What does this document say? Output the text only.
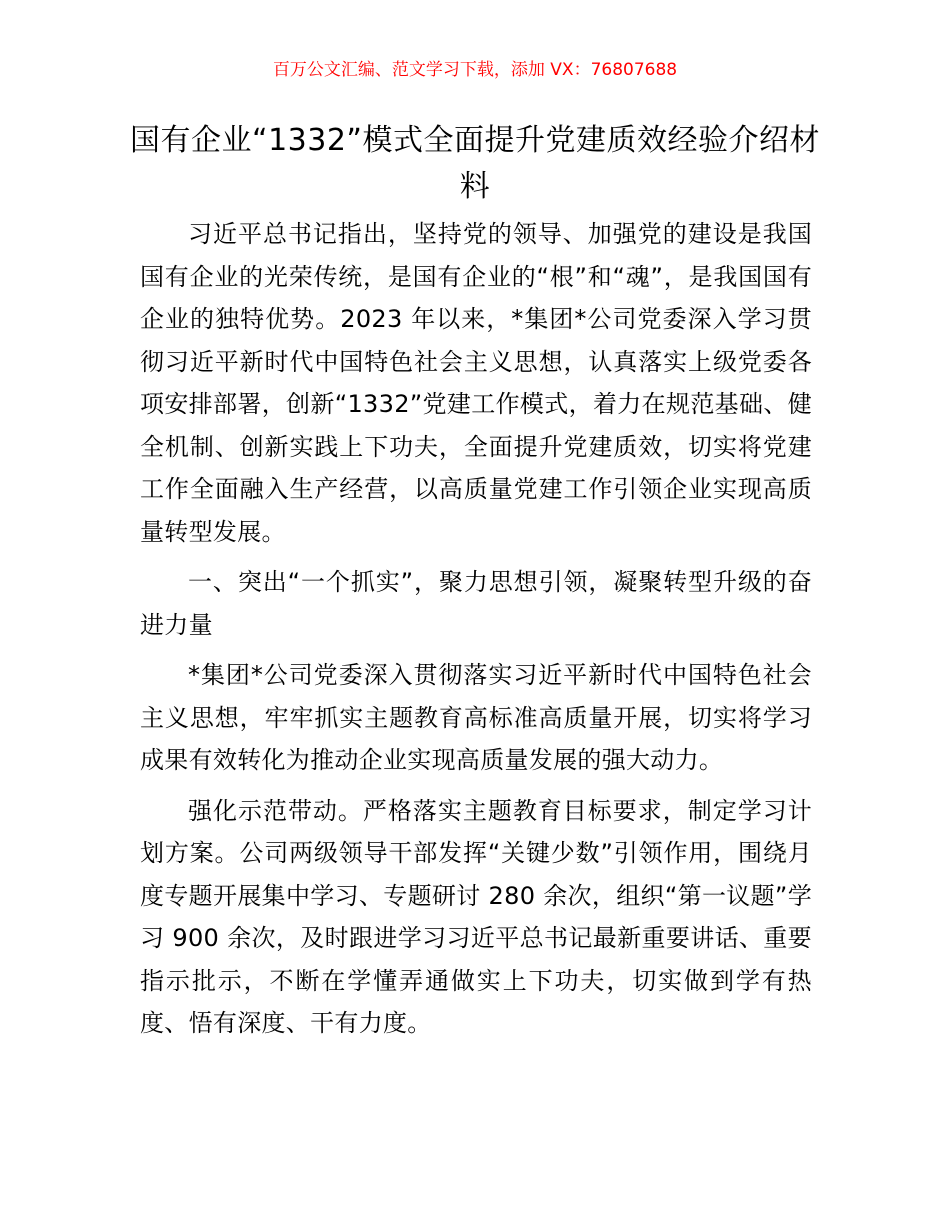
百万公文汇编、范文学习下载，添加 VX：76807688
国有企业“1332”模式全面提升党建质效经验介绍材料

习近平总书记指出，坚持党的领导、加强党的建设是我国国有企业的光荣传统，是国有企业的“根”和“魂”，是我国国有企业的独特优势。2023 年以来，*集团*公司党委深入学习贯彻习近平新时代中国特色社会主义思想，认真落实上级党委各项安排部署，创新“1332”党建工作模式，着力在规范基础、健全机制、创新实践上下功夫，全面提升党建质效，切实将党建工作全面融入生产经营，以高质量党建工作引领企业实现高质量转型发展。

一、突出“一个抓实”，聚力思想引领，凝聚转型升级的奋进力量

*集团*公司党委深入贯彻落实习近平新时代中国特色社会主义思想，牢牢抓实主题教育高标准高质量开展，切实将学习成果有效转化为推动企业实现高质量发展的强大动力。

强化示范带动。严格落实主题教育目标要求，制定学习计划方案。公司两级领导干部发挥“关键少数”引领作用，围绕月度专题开展集中学习、专题研讨 280 余次，组织“第一议题”学习 900 余次，及时跟进学习习近平总书记最新重要讲话、重要指示批示，不断在学懂弄通做实上下功夫，切实做到学有热度、悟有深度、干有力度。
